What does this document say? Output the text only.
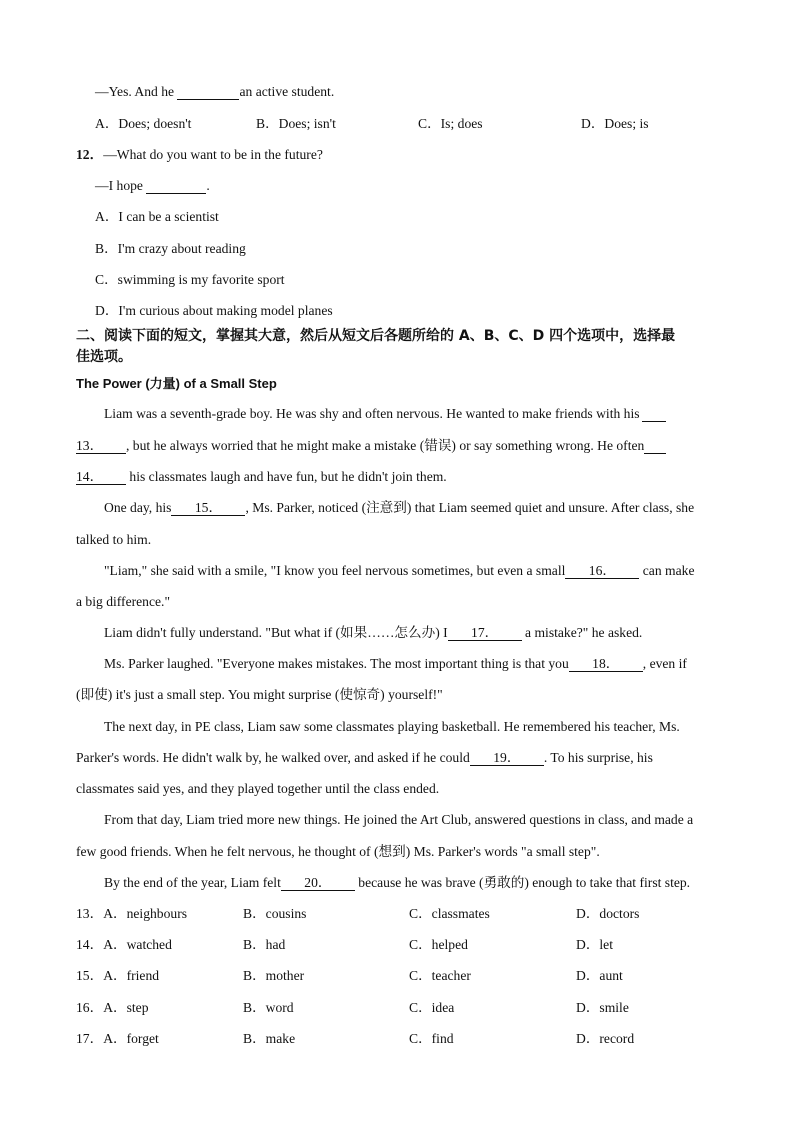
—Yes. And he	an active student.
A．Does; doesn't	B．Does; isn't	C．Is; does	D．Does; is
12．—What do you want to be in the future?
—I hope	.
A．I can be a scientist
B．I'm crazy about reading
C．swimming is my favorite sport
D．I'm curious about making model planes
二、阅读下面的短文，掌握其大意，然后从短文后各题所给的 A、B、C、D 四个选项中，选择最
佳选项。
The Power (力量) of a Small Step
Liam was a seventh-grade boy. He was shy and often nervous. He wanted to make friends with his
13． , but he always worried that he might make a mistake (错误) or say something wrong. He often
14． his classmates laugh and have fun, but he didn't join them.
One day, his 15． , Ms. Parker, noticed (注意到) that Liam seemed quiet and unsure. After class, she
talked to him.
"Liam," she said with a smile, "I know you feel nervous sometimes, but even a small 16． can make
a big difference."
Liam didn't fully understand. "But what if (如果……怎么办) I 17． a mistake?" he asked.
Ms. Parker laughed. "Everyone makes mistakes. The most important thing is that you 18． , even if
(即使) it's just a small step. You might surprise (使惊奇) yourself!"
The next day, in PE class, Liam saw some classmates playing basketball. He remembered his teacher, Ms.
Parker's words. He didn't walk by, he walked over, and asked if he could 19． . To his surprise, his
classmates said yes, and they played together until the class ended.
From that day, Liam tried more new things. He joined the Art Club, answered questions in class, and made a
few good friends. When he felt nervous, he thought of (想到) Ms. Parker's words "a small step".
By the end of the year, Liam felt 20． because he was brave (勇敢的) enough to take that first step.
13．A．neighbours	B．cousins	C．classmates	D．doctors
14．A．watched	B．had	C．helped	D．let
15．A．friend	B．mother	C．teacher	D．aunt
16．A．step	B．word	C．idea	D．smile
17．A．forget	B．make	C．find	D．record
